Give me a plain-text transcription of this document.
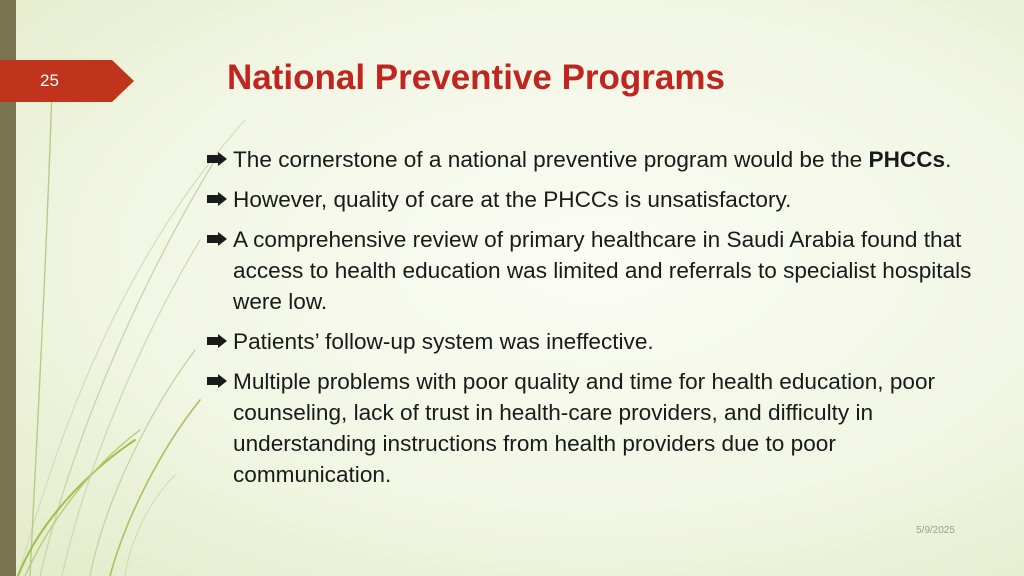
25	National Preventive Programs
The cornerstone of a national preventive program would be the PHCCs.
However, quality of care at the PHCCs is unsatisfactory.
A comprehensive review of primary healthcare in Saudi Arabia found that access to health education was limited and referrals to specialist hospitals were low.
Patients’ follow-up system was ineffective.
Multiple problems with poor quality and time for health education, poor counseling, lack of trust in health-care providers, and difficulty in understanding instructions from health providers due to poor communication.
5/9/2025
